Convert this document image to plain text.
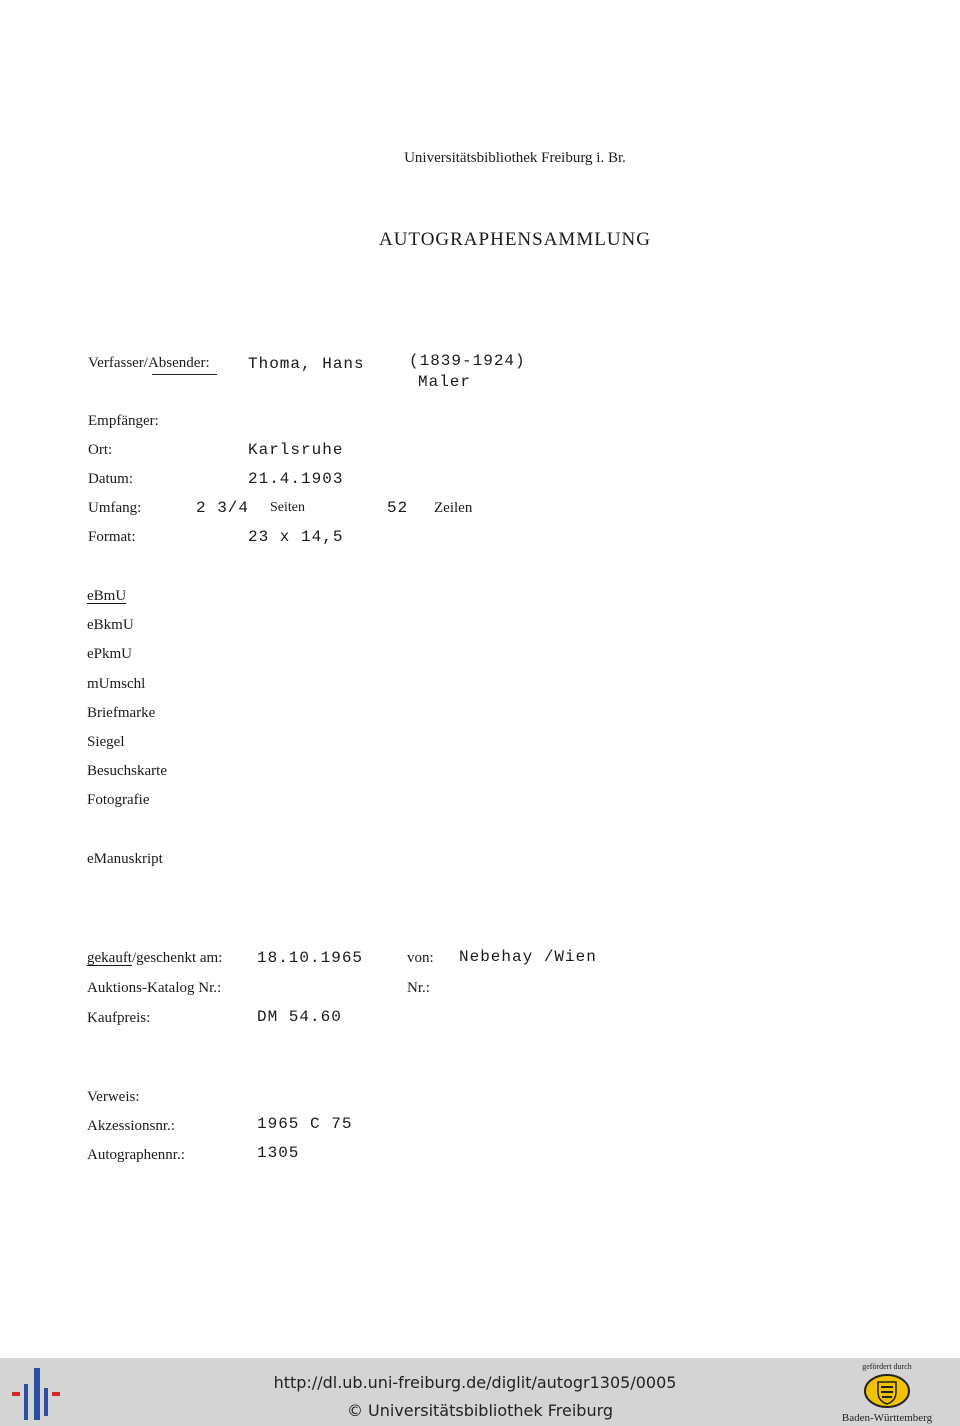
Universitätsbibliothek Freiburg i. Br.
AUTOGRAPHENSAMMLUNG
Verfasser/Absender: Thoma, Hans	(1839-1924)
Maler
Empfänger:
Ort:	Karlsruhe
Datum:	21.4.1903
Umfang:	2 3/4 Seiten	52 Zeilen
Format:	23 x 14,5
eBmU
eBkmU
ePkmU
mUmschl
Briefmarke
Siegel
Besuchskarte
Fotografie
eManuskript
gekauft/geschenkt am: 18.10.1965	von: Nebehay /Wien
Auktions-Katalog Nr.:	Nr.:
Kaufpreis:	DM 54.60
Verweis:
Akzessionsnr.:	1965 C 75
Autographennr.:	1305
http://dl.ub.uni-freiburg.de/diglit/autogr1305/0005
© Universitätsbibliothek Freiburg
gefördert durch
Baden-Württemberg
